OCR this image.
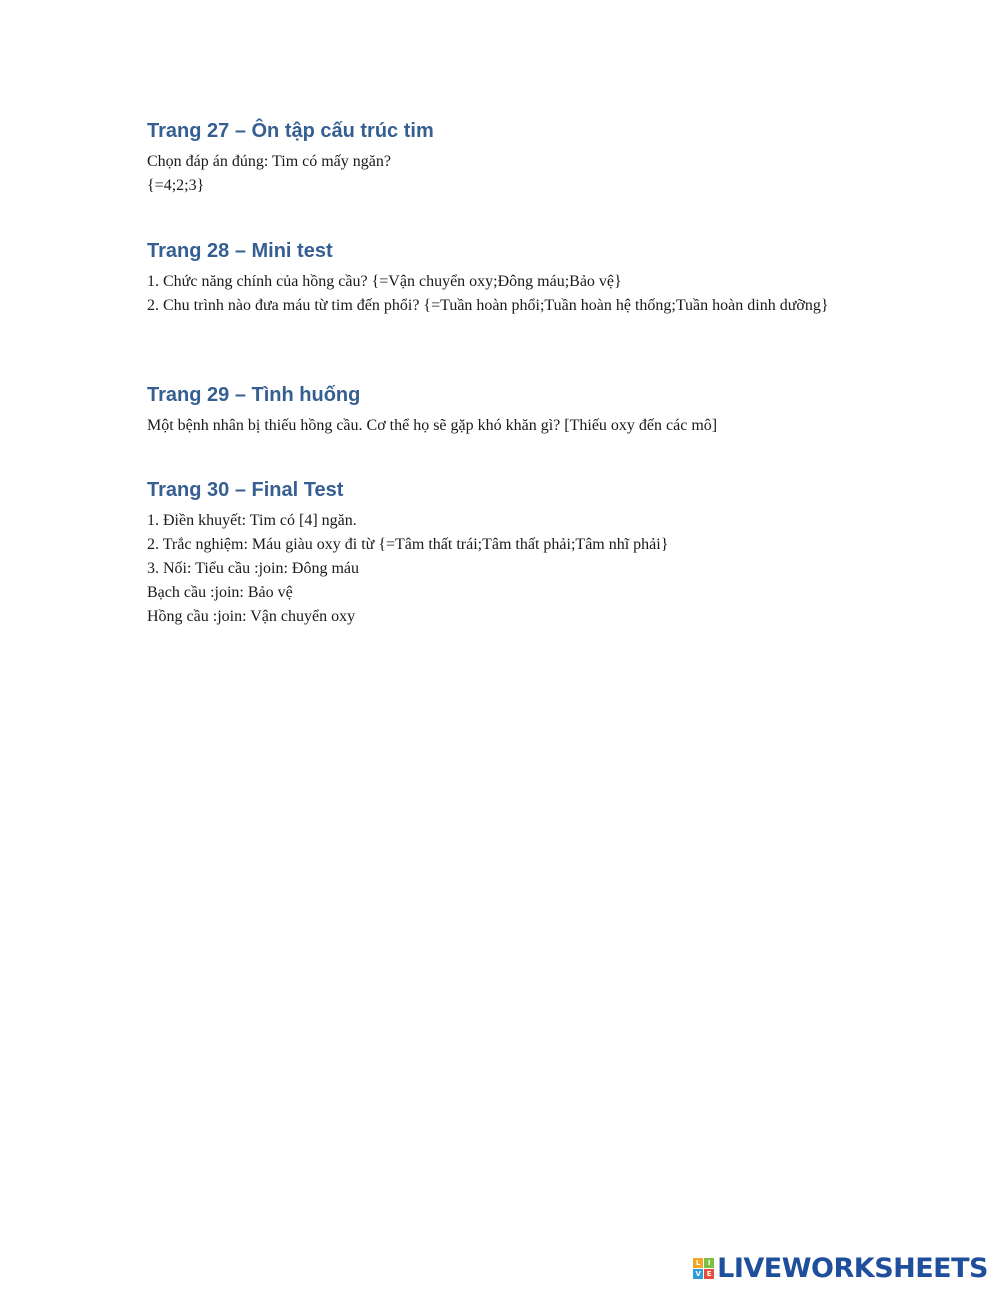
Trang 27 – Ôn tập cấu trúc tim

Chọn đáp án đúng: Tim có mấy ngăn?

{=4;2;3}

Trang 28 – Mini test

1. Chức năng chính của hồng cầu? {=Vận chuyển oxy;Đông máu;Bảo vệ}

2. Chu trình nào đưa máu từ tim đến phổi? {=Tuần hoàn phổi;Tuần hoàn hệ thống;Tuần hoàn dinh dưỡng}

Trang 29 – Tình huống

Một bệnh nhân bị thiếu hồng cầu. Cơ thể họ sẽ gặp khó khăn gì? [Thiếu oxy đến các mô]

Trang 30 – Final Test

1. Điền khuyết: Tim có [4] ngăn.

2. Trắc nghiệm: Máu giàu oxy đi từ {=Tâm thất trái;Tâm thất phải;Tâm nhĩ phải}

3. Nối: Tiểu cầu :join: Đông máu

Bạch cầu :join: Bảo vệ

Hồng cầu :join: Vận chuyển oxy

L	I
V E LIVEWORKSHEETS
